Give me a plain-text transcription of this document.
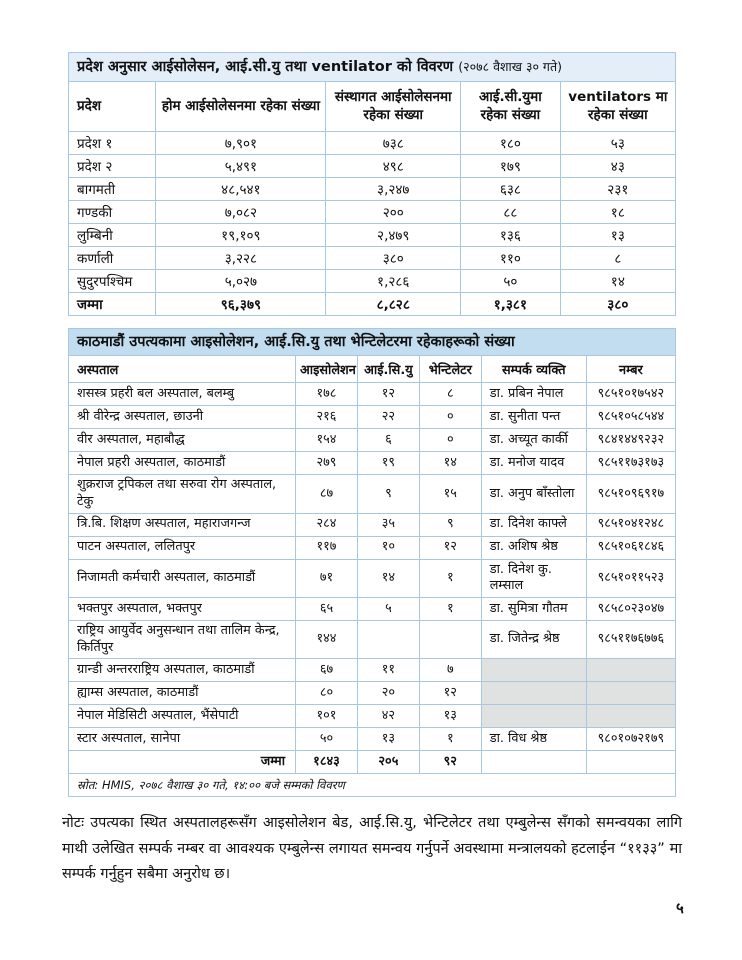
प्रदेश अनुसार आईसोलेसन, आई.सी.यु तथा ventilator को विवरण (२०७८ वैशाख ३० गते)				
प्रदेश	होम आईसोलेसनमा रहेका संख्या	संस्थागत आईसोलेसनमा रहेका संख्या	आई.सी.युमा रहेका संख्या	ventilators मा रहेका संख्या
प्रदेश १	७,९०१	७३८	१८०	५३
प्रदेश २	५,४९१	४९८	१७९	४३
बागमती	४८,५४१	३,२४७	६३८	२३१
गण्डकी	७,०८२	२००	८८	१८
लुम्बिनी	१९,१०९	२,४७९	१३६	१३
कर्णाली	३,२२८	३८०	११०	८
सुदुरपश्चिम	५,०२७	१,२८६	५०	१४
जम्मा	९६,३७९	८,८२८	१,३८१	३८०
काठमाडौं उपत्यकामा आइसोलेशन, आई.सि.यु तथा भेन्टिलेटरमा रहेकाहरूको संख्या					
अस्पताल	आइसोलेशन	आई.सि.यु	भेन्टिलेटर	सम्पर्क व्यक्ति	नम्बर
शसस्त्र प्रहरी बल अस्पताल, बलम्बु	१७८	१२	८	डा. प्रबिन नेपाल	९८५१०१७५४२
श्री वीरेन्द्र अस्पताल, छाउनी	२१६	२२	०	डा. सुनीता पन्त	९८५१०५८५४४
वीर अस्पताल, महाबौद्ध	१५४	६	०	डा. अच्यूत कार्की	९८४१४४९२३२
नेपाल प्रहरी अस्पताल, काठमाडौं	२७९	१९	१४	डा. मनोज यादव	९८५११७३१७३
शुक्रराज ट्रपिकल तथा सरुवा रोग अस्पताल, टेकु	८७	९	१५	डा. अनुप बाँस्तोला	९८५१०९६९१७
त्रि.बि. शिक्षण अस्पताल, महाराजगन्ज	२८४	३५	९	डा. दिनेश काफ्ले	९८५१०४१२४८
पाटन अस्पताल, ललितपुर	११७	१०	१२	डा. अशिष श्रेष्ठ	९८५१०६१८४६
निजामती कर्मचारी अस्पताल, काठमाडौं	७१	१४	१	डा. दिनेश कु. लम्साल	९८५१०११५२३
भक्तपुर अस्पताल, भक्तपुर	६५	५	१	डा. सुमित्रा गौतम	९८५८०२३०४७
राष्ट्रिय आयुर्वेद अनुसन्धान तथा तालिम केन्द्र, किर्तिपुर	१४४			डा. जितेन्द्र श्रेष्ठ	९८५११७६७७६
ग्रान्डी अन्तरराष्ट्रिय अस्पताल, काठमाडौं	६७	११	७		
ह्याम्स अस्पताल, काठमाडौं	८०	२०	१२		
नेपाल मेडिसिटी अस्पताल, भैंसेपाटी	१०१	४२	१३		
स्टार अस्पताल, सानेपा	५०	१३	१	डा. विध श्रेष्ठ	९८०१०७२१७९
जम्मा	१८४३	२०५	९२		
स्रोत: HMIS, २०७८ वैशाख ३० गते, १४:०० बजे सम्मको विवरण					

नोटः उपत्यका स्थित अस्पतालहरूसँग आइसोलेशन बेड, आई.सि.यु, भेन्टिलेटर तथा एम्बुलेन्स सँगको समन्वयका लागि माथी उलेखित सम्पर्क नम्बर वा आवश्यक एम्बुलेन्स लगायत समन्वय गर्नुपर्ने अवस्थामा मन्त्रालयको हटलाईन “११३३” मा सम्पर्क गर्नुहुन सबैमा अनुरोध छ।

५
